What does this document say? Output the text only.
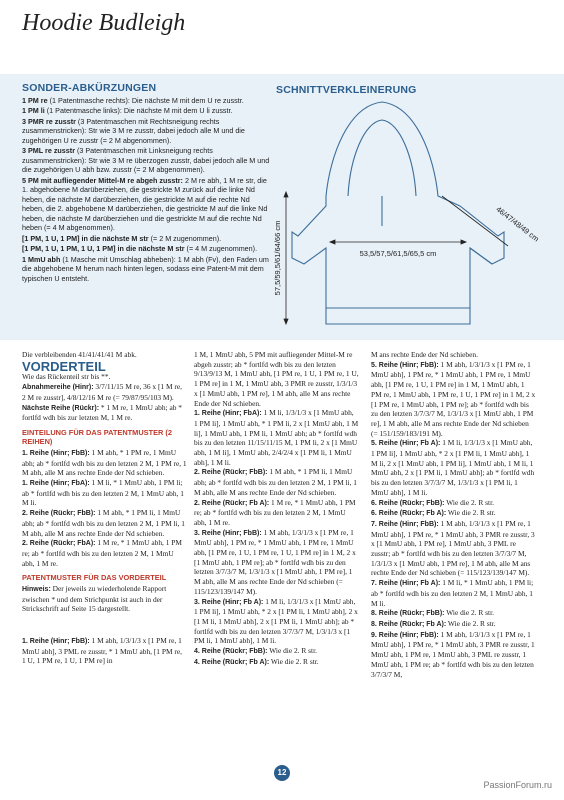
Hoodie Budleigh
SONDER-ABKÜRZUNGEN

1 PM re (1 Patentmasche rechts): Die nächste M mit dem U re zusstr.

1 PM li (1 Patentmasche links): Die nächste M mit dem U li zusstr.

3 PMR re zusstr (3 Patentmaschen mit Rechtsneigung rechts zusammenstricken): Str wie 3 M re zusstr, dabei jedoch alle M und die zugehörigen U re zusstr (= 2 M abgenommen).

3 PML re zusstr (3 Patentmaschen mit Linksneigung rechts zusammenstricken): Str wie 3 M re überzogen zusstr, dabei jedoch alle M und die zugehörigen U abh bzw. zusstr (= 2 M abgenommen).

5 PM mit aufliegender Mittel-M re abgeh zusstr: 2 M re abh, 1 M re str, die 1. abgehobene M darüberziehen, die gestrickte M zurück auf die linke Nd heben, die nächste M darüberziehen, die gestrickte M auf die rechte Nd heben, die 2. abgehobene M darüberziehen, die gestrickte M auf die linke Nd heben, die nächste M darüberziehen und die gestrickte M auf die rechte Nd heben (= 4 M abgenommen).

[1 PM, 1 U, 1 PM] in die nächste M str (= 2 M zugenommen).

[1 PM, 1 U, 1 PM, 1 U, 1 PM] in die nächste M str (= 4 M zugenommen).

1 MmU abh (1 Masche mit Umschlag abheben): 1 M abh (Fv), den Faden um die abgehobene M herum nach hinten legen, sodass eine Patent-M mit dem typischen U entsteht.

SCHNITTVERKLEINERUNG
53,5/57,5/61,5/65,5 cm
57,5/59,5/61/64/66 cm	46/47/48/49 cm

Die verbleibenden 41/41/41/41 M abk.

VORDERTEIL

Wie das Rückenteil str bis **.

Abnahmereihe (Hinr): 3/7/11/15 M re, 36 x [1 M re, 2 M re zusstr], 4/8/12/16 M re (= 79/87/95/103 M).

Nächste Reihe (Rückr): * 1 M re, 1 MmU abh; ab * fortlfd wdh bis zur letzten M, 1 M re.

EINTEILUNG FÜR DAS PATENTMUSTER (2 REIHEN)

1. Reihe (Hinr; FbB): 1 M abh, * 1 PM re, 1 MmU abh; ab * fortlfd wdh bis zu den letzten 2 M, 1 PM re, 1 M abh, alle M ans rechte Ende der Nd schieben.

1. Reihe (Hinr; FbA): 1 M li, * 1 MmU abh, 1 PM li; ab * fortlfd wdh bis zu den letzten 2 M, 1 MmU abh, 1 M li.

2. Reihe (Rückr; FbB): 1 M abh, * 1 PM li, 1 MmU abh; ab * fortlfd wdh bis zu den letzten 2 M, 1 PM li, 1 M abh, alle M ans rechte Ende der Nd schieben.

2. Reihe (Rückr; FbA): 1 M re, * 1 MmU abh, 1 PM re; ab * fortlfd wdh bis zu den letzten 2 M, 1 MmU abh, 1 M re.

PATENTMUSTER FÜR DAS VORDERTEIL

Hinweis: Der jeweils zu wiederholende Rapport zwischen * und dem Strichpunkt ist auch in der Strickschrift auf Seite 15 dargestellt.

1. Reihe (Hinr; FbB): 1 M abh, 1/3/1/3 x [1 PM re, 1 MmU abh], 3 PML re zusstr, * 1 MmU abh, [1 PM re, 1 U, 1 PM re, 1 U, 1 PM re] in

1 M, 1 MmU abh, 5 PM mit aufliegender Mittel-M re abgeh zusstr; ab * fortlfd wdh bis zu den letzten 9/13/9/13 M, 1 MmU abh, [1 PM re, 1 U, 1 PM re, 1 U, 1 PM re] in 1 M, 1 MmU abh, 3 PMR re zusstr, 1/3/1/3 x [1 MmU abh, 1 PM re], 1 M abh, alle M ans rechte Ende der Nd schieben.

1. Reihe (Hinr; FbA): 1 M li, 1/3/1/3 x [1 MmU abh, 1 PM li], 1 MmU abh, * 1 PM li, 2 x [1 MmU abh, 1 M li], 1 MmU abh, 1 PM li, 1 MmU abh; ab * fortlfd wdh bis zu den letzten 11/15/11/15 M, 1 PM li, 2 x [1 MmU abh, 1 M li], 1 MmU abh, 2/4/2/4 x [1 PM li, 1 MmU abh], 1 M li.

2. Reihe (Rückr; FbB): 1 M abh, * 1 PM li, 1 MmU abh; ab * fortlfd wdh bis zu den letzten 2 M, 1 PM li, 1 M abh, alle M ans rechte Ende der Nd schieben.

2. Reihe (Rückr; Fb A): 1 M re, * 1 MmU abh, 1 PM re; ab * fortlfd wdh bis zu den letzten 2 M, 1 MmU abh, 1 M re.

3. Reihe (Hinr; FbB): 1 M abh, 1/3/1/3 x [1 PM re, 1 MmU abh], 1 PM re, * 1 MmU abh, 1 PM re, 1 MmU abh, [1 PM re, 1 U, 1 PM re, 1 U, 1 PM re] in 1 M, 2 x [1 MmU abh, 1 PM re]; ab * fortlfd wdh bis zu den letzten 3/7/3/7 M, 1/3/1/3 x [1 MmU abh, 1 PM re], 1 M abh, alle M ans rechte Ende der Nd schieben (= 115/123/139/147 M).

3. Reihe (Hinr; Fb A): 1 M li, 1/3/1/3 x [1 MmU abh, 1 PM li], 1 MmU abh, * 2 x [1 PM li, 1 MmU abh], 2 x [1 M li, 1 MmU abh], 2 x [1 PM li, 1 MmU abh]; ab * fortlfd wdh bis zu den letzten 3/7/3/7 M, 1/3/1/3 x [1 PM li, 1 MmU abh], 1 M li.

4. Reihe (Rückr; FbB): Wie die 2. R str.

4. Reihe (Rückr; Fb A): Wie die 2. R str.

M ans rechte Ende der Nd schieben.

5. Reihe (Hinr; FbB): 1 M abh, 1/3/1/3 x [1 PM re, 1 MmU abh], 1 PM re, * 1 MmU abh, 1 PM re, 1 MmU abh, [1 PM re, 1 U, 1 PM re] in 1 M, 1 MmU abh, 1 PM re, 1 MmU abh, 1 PM re, 1 U, 1 PM re] in 1 M, 2 x [1 PM re, 1 MmU abh, 1 PM re]; ab * fortlfd wdh bis zu den letzten 3/7/3/7 M, 1/3/1/3 x [1 MmU abh, 1 PM re], 1 M abh, alle M ans rechte Ende der Nd schieben (= 151/159/183/191 M).

5. Reihe (Hinr; Fb A): 1 M li, 1/3/1/3 x [1 MmU abh, 1 PM li], 1 MmU abh, * 2 x [1 PM li, 1 MmU abh], 1 M li, 2 x [1 MmU abh, 1 PM li], 1 MmU abh, 1 M li, 1 MmU abh, 2 x [1 PM li, 1 MmU abh]; ab * fortlfd wdh bis zu den letzten 3/7/3/7 M, 1/3/1/3 x [1 PM li, 1 MmU abh], 1 M li.

6. Reihe (Rückr; FbB): Wie die 2. R str.

6. Reihe (Rückr; Fb A): Wie die 2. R str.

7. Reihe (Hinr; FbB): 1 M abh, 1/3/1/3 x [1 PM re, 1 MmU abh], 1 PM re, * 1 MmU abh, 3 PMR re zusstr, 3 x [1 MmU abh, 1 PM re], 1 MmU abh, 3 PML re zusstr; ab * fortlfd wdh bis zu den letzten 3/7/3/7 M, 1/3/1/3 x [1 MmU abh, 1 PM re], 1 M abh, alle M ans rechte Ende der Nd schieben (= 115/123/139/147 M).

7. Reihe (Hinr; Fb A): 1 M li, * 1 MmU abh, 1 PM li; ab * fortlfd wdh bis zu den letzten 2 M, 1 MmU abh, 1 M li.

8. Reihe (Rückr; FbB): Wie die 2. R str.

8. Reihe (Rückr; Fb A): Wie die 2. R str.

9. Reihe (Hinr; FbB): 1 M abh, 1/3/1/3 x [1 PM re, 1 MmU abh], 1 PM re, * 1 MmU abh, 3 PMR re zusstr, 1 MmU abh, 1 PM re, 1 MmU abh, 3 PML re zusstr, 1 MmU abh, 1 PM re; ab * fortlfd wdh bis zu den letzten 3/7/3/7 M,

12
PassionForum.ru
